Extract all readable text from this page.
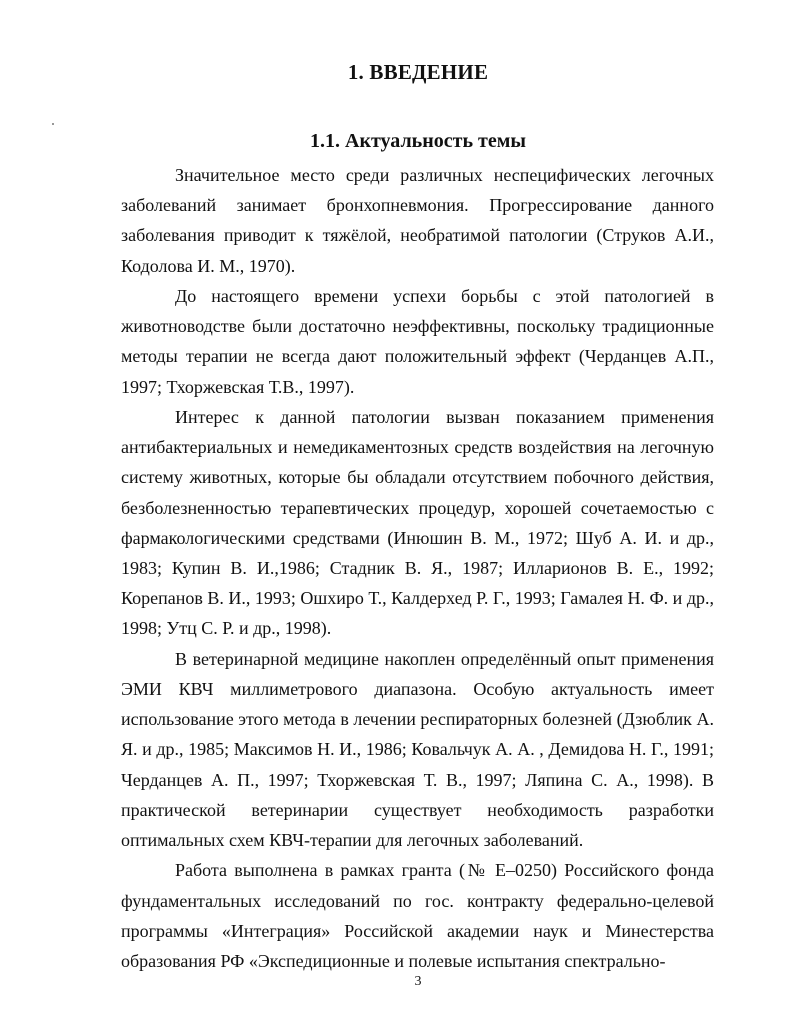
1. ВВЕДЕНИЕ
1.1. Актуальность темы

Значительное место среди различных неспецифических легочных заболеваний занимает бронхопневмония. Прогрессирование данного заболевания приводит к тяжёлой, необратимой патологии (Струков А.И., Кодолова И. М., 1970).

До настоящего времени успехи борьбы с этой патологией в животноводстве были достаточно неэффективны, поскольку традиционные методы терапии не всегда дают положительный эффект (Черданцев А.П., 1997; Тхоржевская Т.В., 1997).

Интерес к данной патологии вызван показанием применения антибактериальных и немедикаментозных средств воздействия на легочную систему животных, которые бы обладали отсутствием побочного действия, безболезненностью терапевтических процедур, хорошей сочетаемостью с фармакологическими средствами (Инюшин В. М., 1972; Шуб А. И. и др., 1983; Купин В. И.,1986; Стадник В. Я., 1987; Илларионов В. Е., 1992; Корепанов В. И., 1993; Ошхиро Т., Калдерхед Р. Г., 1993; Гамалея Н. Ф. и др., 1998; Утц С. Р. и др., 1998).

В ветеринарной медицине накоплен определённый опыт применения ЭМИ КВЧ миллиметрового диапазона. Особую актуальность имеет использование этого метода в лечении респираторных болезней (Дзюблик А. Я. и др., 1985; Максимов Н. И., 1986; Ковальчук А. А. , Демидова Н. Г., 1991; Черданцев А. П., 1997; Тхоржевская Т. В., 1997; Ляпина С. А., 1998). В практической ветеринарии существует необходимость разработки оптимальных схем КВЧ-терапии для легочных заболеваний.

Работа выполнена в рамках гранта (№ Е–0250) Российского фонда фундаментальных исследований по гос. контракту федерально-целевой программы «Интеграция» Российской академии наук и Минестерства образования РФ «Экспедиционные и полевые испытания спектрально-

3
